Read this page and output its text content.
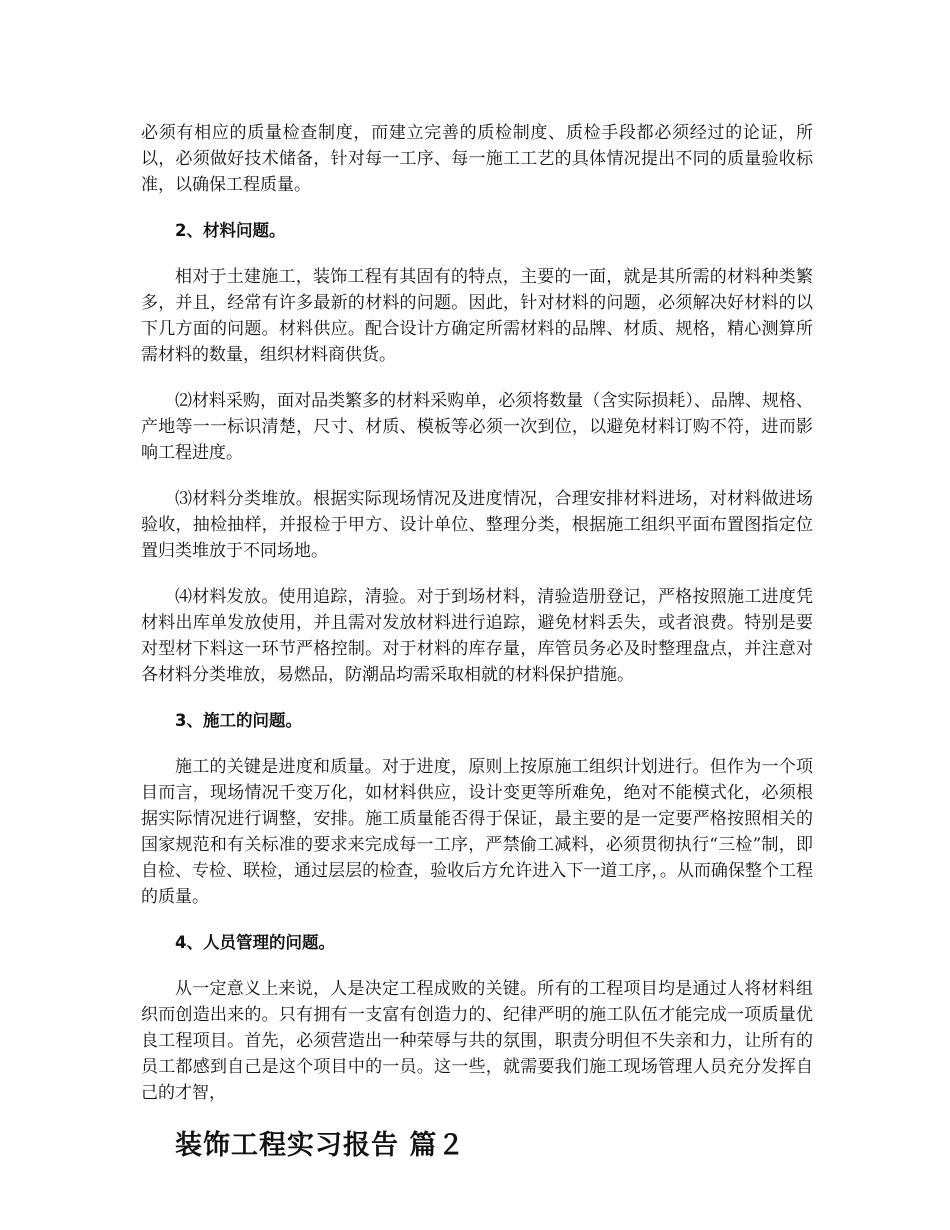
必须有相应的质量检查制度，而建立完善的质检制度、质检手段都必须经过的论证，所以，必须做好技术储备，针对每一工序、每一施工工艺的具体情况提出不同的质量验收标准，以确保工程质量。

2、材料问题。

相对于土建施工，装饰工程有其固有的特点，主要的一面，就是其所需的材料种类繁多，并且，经常有许多最新的材料的问题。因此，针对材料的问题，必须解决好材料的以下几方面的问题。材料供应。配合设计方确定所需材料的品牌、材质、规格，精心测算所需材料的数量，组织材料商供货。

⑵材料采购，面对品类繁多的材料采购单，必须将数量（含实际损耗）、品牌、规格、产地等一一标识清楚，尺寸、材质、模板等必须一次到位，以避免材料订购不符，进而影响工程进度。

⑶材料分类堆放。根据实际现场情况及进度情况，合理安排材料进场，对材料做进场验收，抽检抽样，并报检于甲方、设计单位、整理分类，根据施工组织平面布置图指定位置归类堆放于不同场地。

⑷材料发放。使用追踪，清验。对于到场材料，清验造册登记，严格按照施工进度凭材料出库单发放使用，并且需对发放材料进行追踪，避免材料丢失，或者浪费。特别是要对型材下料这一环节严格控制。对于材料的库存量，库管员务必及时整理盘点，并注意对各材料分类堆放，易燃品，防潮品均需采取相就的材料保护措施。

3、施工的问题。

施工的关键是进度和质量。对于进度，原则上按原施工组织计划进行。但作为一个项目而言，现场情况千变万化，如材料供应，设计变更等所难免，绝对不能模式化，必须根据实际情况进行调整，安排。施工质量能否得于保证，最主要的是一定要严格按照相关的国家规范和有关标准的要求来完成每一工序，严禁偷工减料，必须贯彻执行“三检”制，即自检、专检、联检，通过层层的检查，验收后方允许进入下一道工序，。从而确保整个工程的质量。

4、人员管理的问题。

从一定意义上来说，人是决定工程成败的关键。所有的工程项目均是通过人将材料组织而创造出来的。只有拥有一支富有创造力的、纪律严明的施工队伍才能完成一项质量优良工程项目。首先，必须营造出一种荣辱与共的氛围，职责分明但不失亲和力，让所有的员工都感到自己是这个项目中的一员。这一些，就需要我们施工现场管理人员充分发挥自己的才智，

装饰工程实习报告 篇２
